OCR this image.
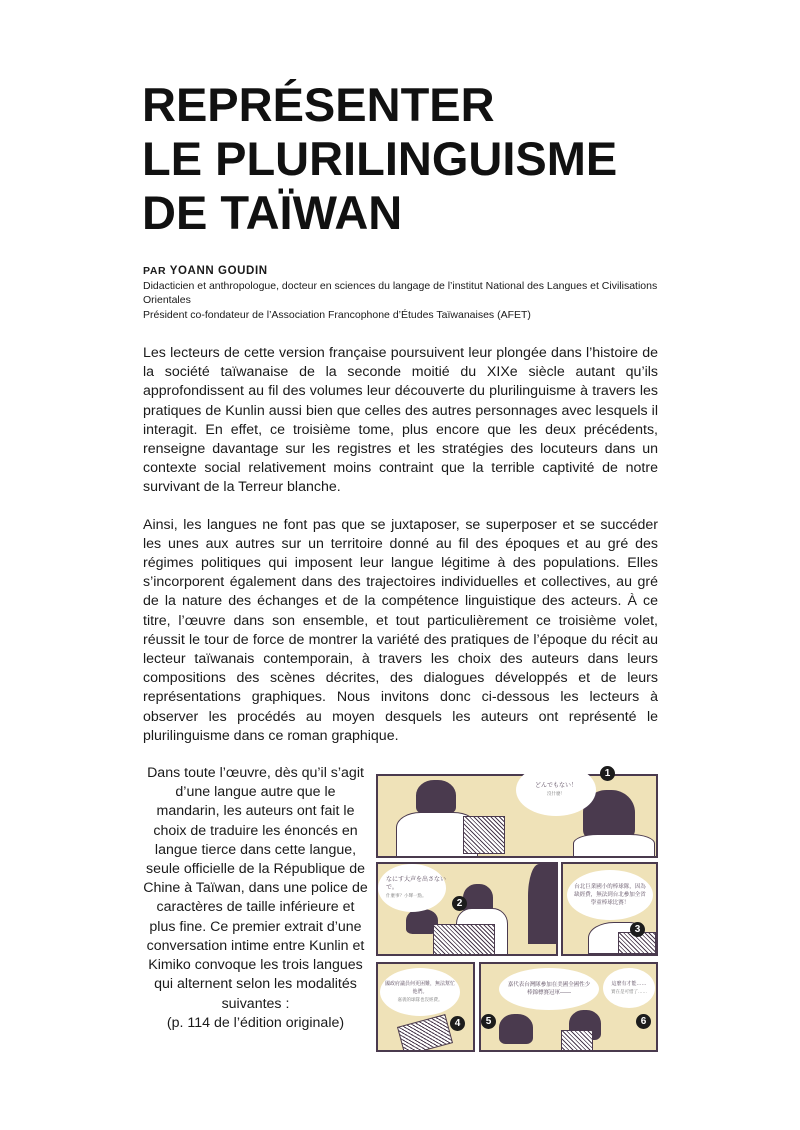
REPRÉSENTER
LE PLURILINGUISME
DE TAÏWAN
PAR YOANN GOUDIN
Didacticien et anthropologue, docteur en sciences du langage de l’institut National des Langues et Civilisations Orientales
Président co-fondateur de l’Association Francophone d’Études Taïwanaises (AFET)

Les lecteurs de cette version française poursuivent leur plongée dans l’histoire de la société taïwanaise de la seconde moitié du XIXe siècle autant qu’ils approfondissent au fil des volumes leur découverte du plurilinguisme à travers les pratiques de Kunlin aussi bien que celles des autres personnages avec lesquels il interagit. En effet, ce troisième tome, plus encore que les deux précédents, renseigne davantage sur les registres et les stratégies des locuteurs dans un contexte social relativement moins contraint que la terrible captivité de notre survivant de la Terreur blanche.

Ainsi, les langues ne font pas que se juxtaposer, se superposer et se succéder les unes aux autres sur un territoire donné au fil des époques et au gré des régimes politiques qui imposent leur langue légitime à des populations. Elles s’incorporent également dans des trajectoires individuelles et collectives, au gré de la nature des échanges et de la compétence linguistique des acteurs. À ce titre, l’œuvre dans son ensemble, et tout particulièrement ce troisième volet, réussit le tour de force de montrer la variété des pratiques de l’époque du récit au lecteur taïwanais contemporain, à travers les choix des auteurs dans leurs compositions des scènes décrites, des dialogues développés et de leurs représentations graphiques. Nous invitons donc ci-dessous les lecteurs à observer les procédés au moyen desquels les auteurs ont représenté le plurilinguisme dans ce roman graphique.

Dans toute l’œuvre, dès qu’il s’agit d’une langue autre que le mandarin, les auteurs ont fait le choix de traduire les énoncés en langue tierce dans cette langue, seule officielle de la République de Chine à Taïwan, dans une police de caractères de taille inférieure et plus fine. Ce premier extrait d’une conversation intime entre Kunlin et Kimiko convoque les trois langues qui alternent selon les modalités suivantes :
(p. 114 de l’édition originale)
どんでもない！
沒什麼！
1
なにす大声を出さないで。
什麼事？小聲一點。
2
台北巨業國小的棒球隊，因為缺經費，無法到台北參加全省學童棒球比賽！
3
國政府議員何更困難，無法幫忙他們。
嘉義的球隊也沒經費。
4
嘉代表台灣隊參加在美國全國性少棒錦標賽冠軍——
這麼有才能……
實在是可惜了……
5	6
